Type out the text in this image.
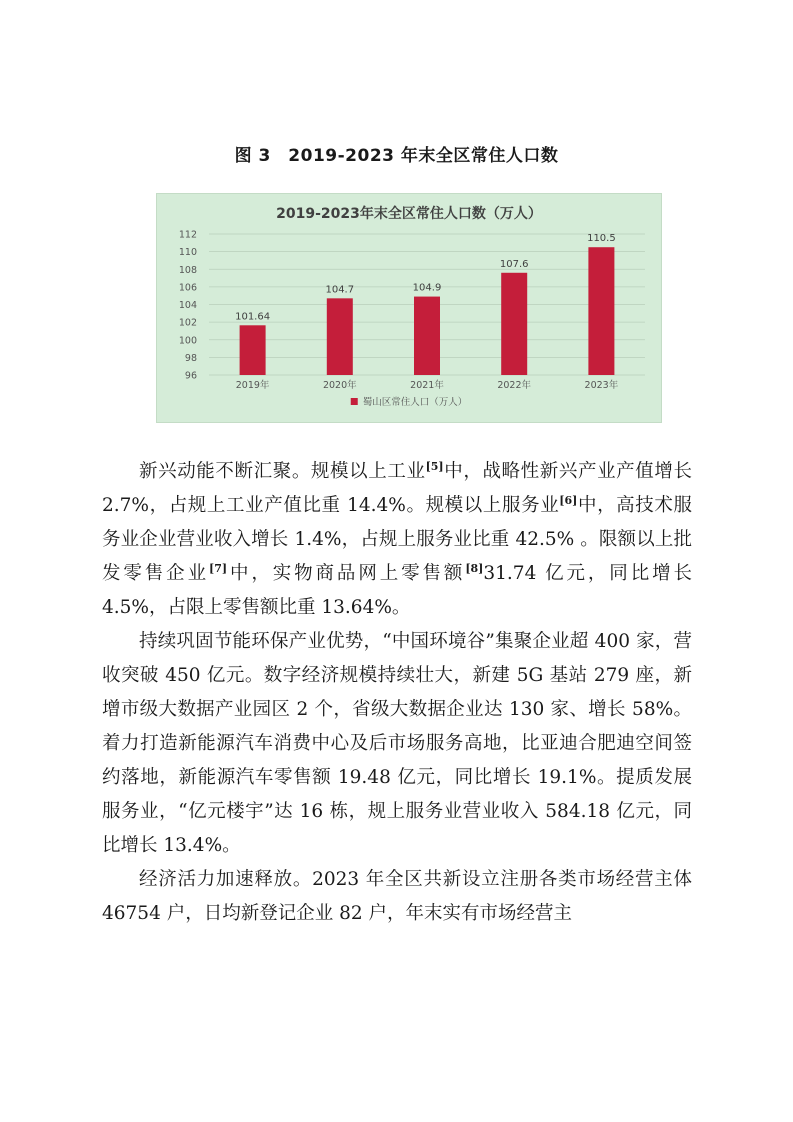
图 3　2019-2023 年末全区常住人口数
2019-2023年末全区常住人口数（万人）
96
98
100
102
104
106
108
110
112
101.64
2019年
104.7
2020年
104.9
2021年
107.6
2022年
110.5
2023年
蜀山区常住人口（万人）

新兴动能不断汇聚。规模以上工业[5]中，战略性新兴产业产值增长 2.7%，占规上工业产值比重 14.4%。规模以上服务业[6]中，高技术服务业企业营业收入增长 1.4%，占规上服务业比重 42.5% 。限额以上批发零售企业[7]中，实物商品网上零售额[8]31.74 亿元，同比增长 4.5%，占限上零售额比重 13.64%。

持续巩固节能环保产业优势，“中国环境谷”集聚企业超 400 家，营收突破 450 亿元。数字经济规模持续壮大，新建 5G 基站 279 座，新增市级大数据产业园区 2 个，省级大数据企业达 130 家、增长 58%。着力打造新能源汽车消费中心及后市场服务高地，比亚迪合肥迪空间签约落地，新能源汽车零售额 19.48 亿元，同比增长 19.1%。提质发展服务业，“亿元楼宇”达 16 栋，规上服务业营业收入 584.18 亿元，同比增长 13.4%。

经济活力加速释放。2023 年全区共新设立注册各类市场经营主体 46754 户，日均新登记企业 82 户，年末实有市场经营主
